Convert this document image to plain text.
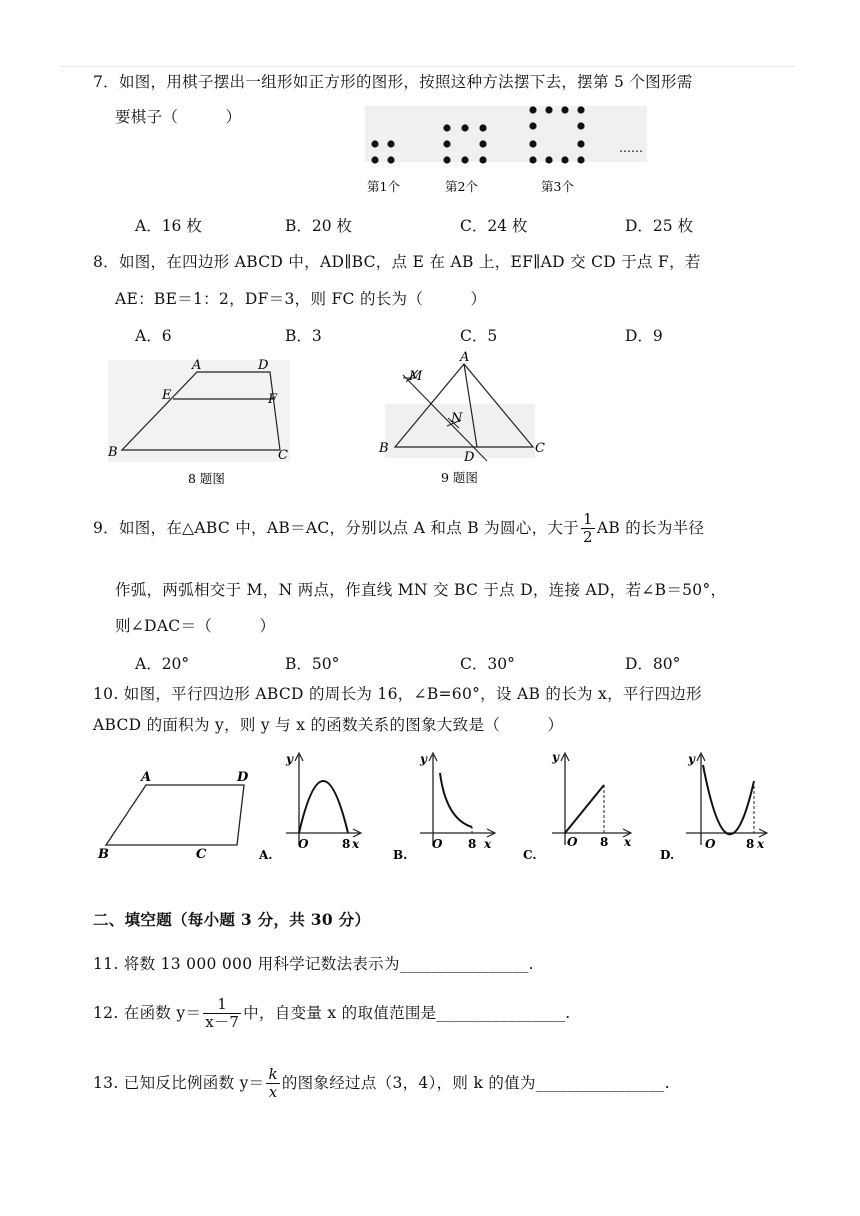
7．如图，用棋子摆出一组形如正方形的图形，按照这种方法摆下去，摆第 5 个图形需
要棋子（　　　）
……
第1个	第2个	第3个
A．16 枚	B．20 枚	C．24 枚	D．25 枚
8．如图，在四边形 ABCD 中，AD∥BC，点 E 在 AB 上，EF∥AD 交 CD 于点 F，若
AE：BE＝1：2，DF＝3，则 FC 的长为（　　　）
A．6	B．3	C．5	D．9
A	D
E	F
B	C
8 题图
A
M
N
B
D
C
9 题图
9．如图，在△ABC 中，AB＝AC，分别以点 A 和点 B 为圆心，大于 $\frac{1}{2}$ AB 的长为半径
作弧，两弧相交于 M，N 两点，作直线 MN 交 BC 于点 D，连接 AD，若∠B＝50°，
则∠DAC＝（　　　）
A．20°	B．50°	C．30°	D．80°
10. 如图，平行四边形 ABCD 的周长为 16，∠B=60°，设 AB 的长为 x，平行四边形
ABCD 的面积为 y，则 y 与 x 的函数关系的图象大致是（　　　）
A	D
B	C
y
O	8 x
A.
y
O 8 x
B.
y
O 8 x
C.
y
O	8 x
D.
二、填空题（每小题 3 分，共 30 分）
11. 将数 13 000 000 用科学记数法表示为________________.
12. 在函数 $y= \frac{1}{x-7}$ 中，自变量 x 的取值范围是________________.
13. 已知反比例函数 $y= \frac{k}{x}$ 的图象经过点（3，4），则 k 的值为________________.
